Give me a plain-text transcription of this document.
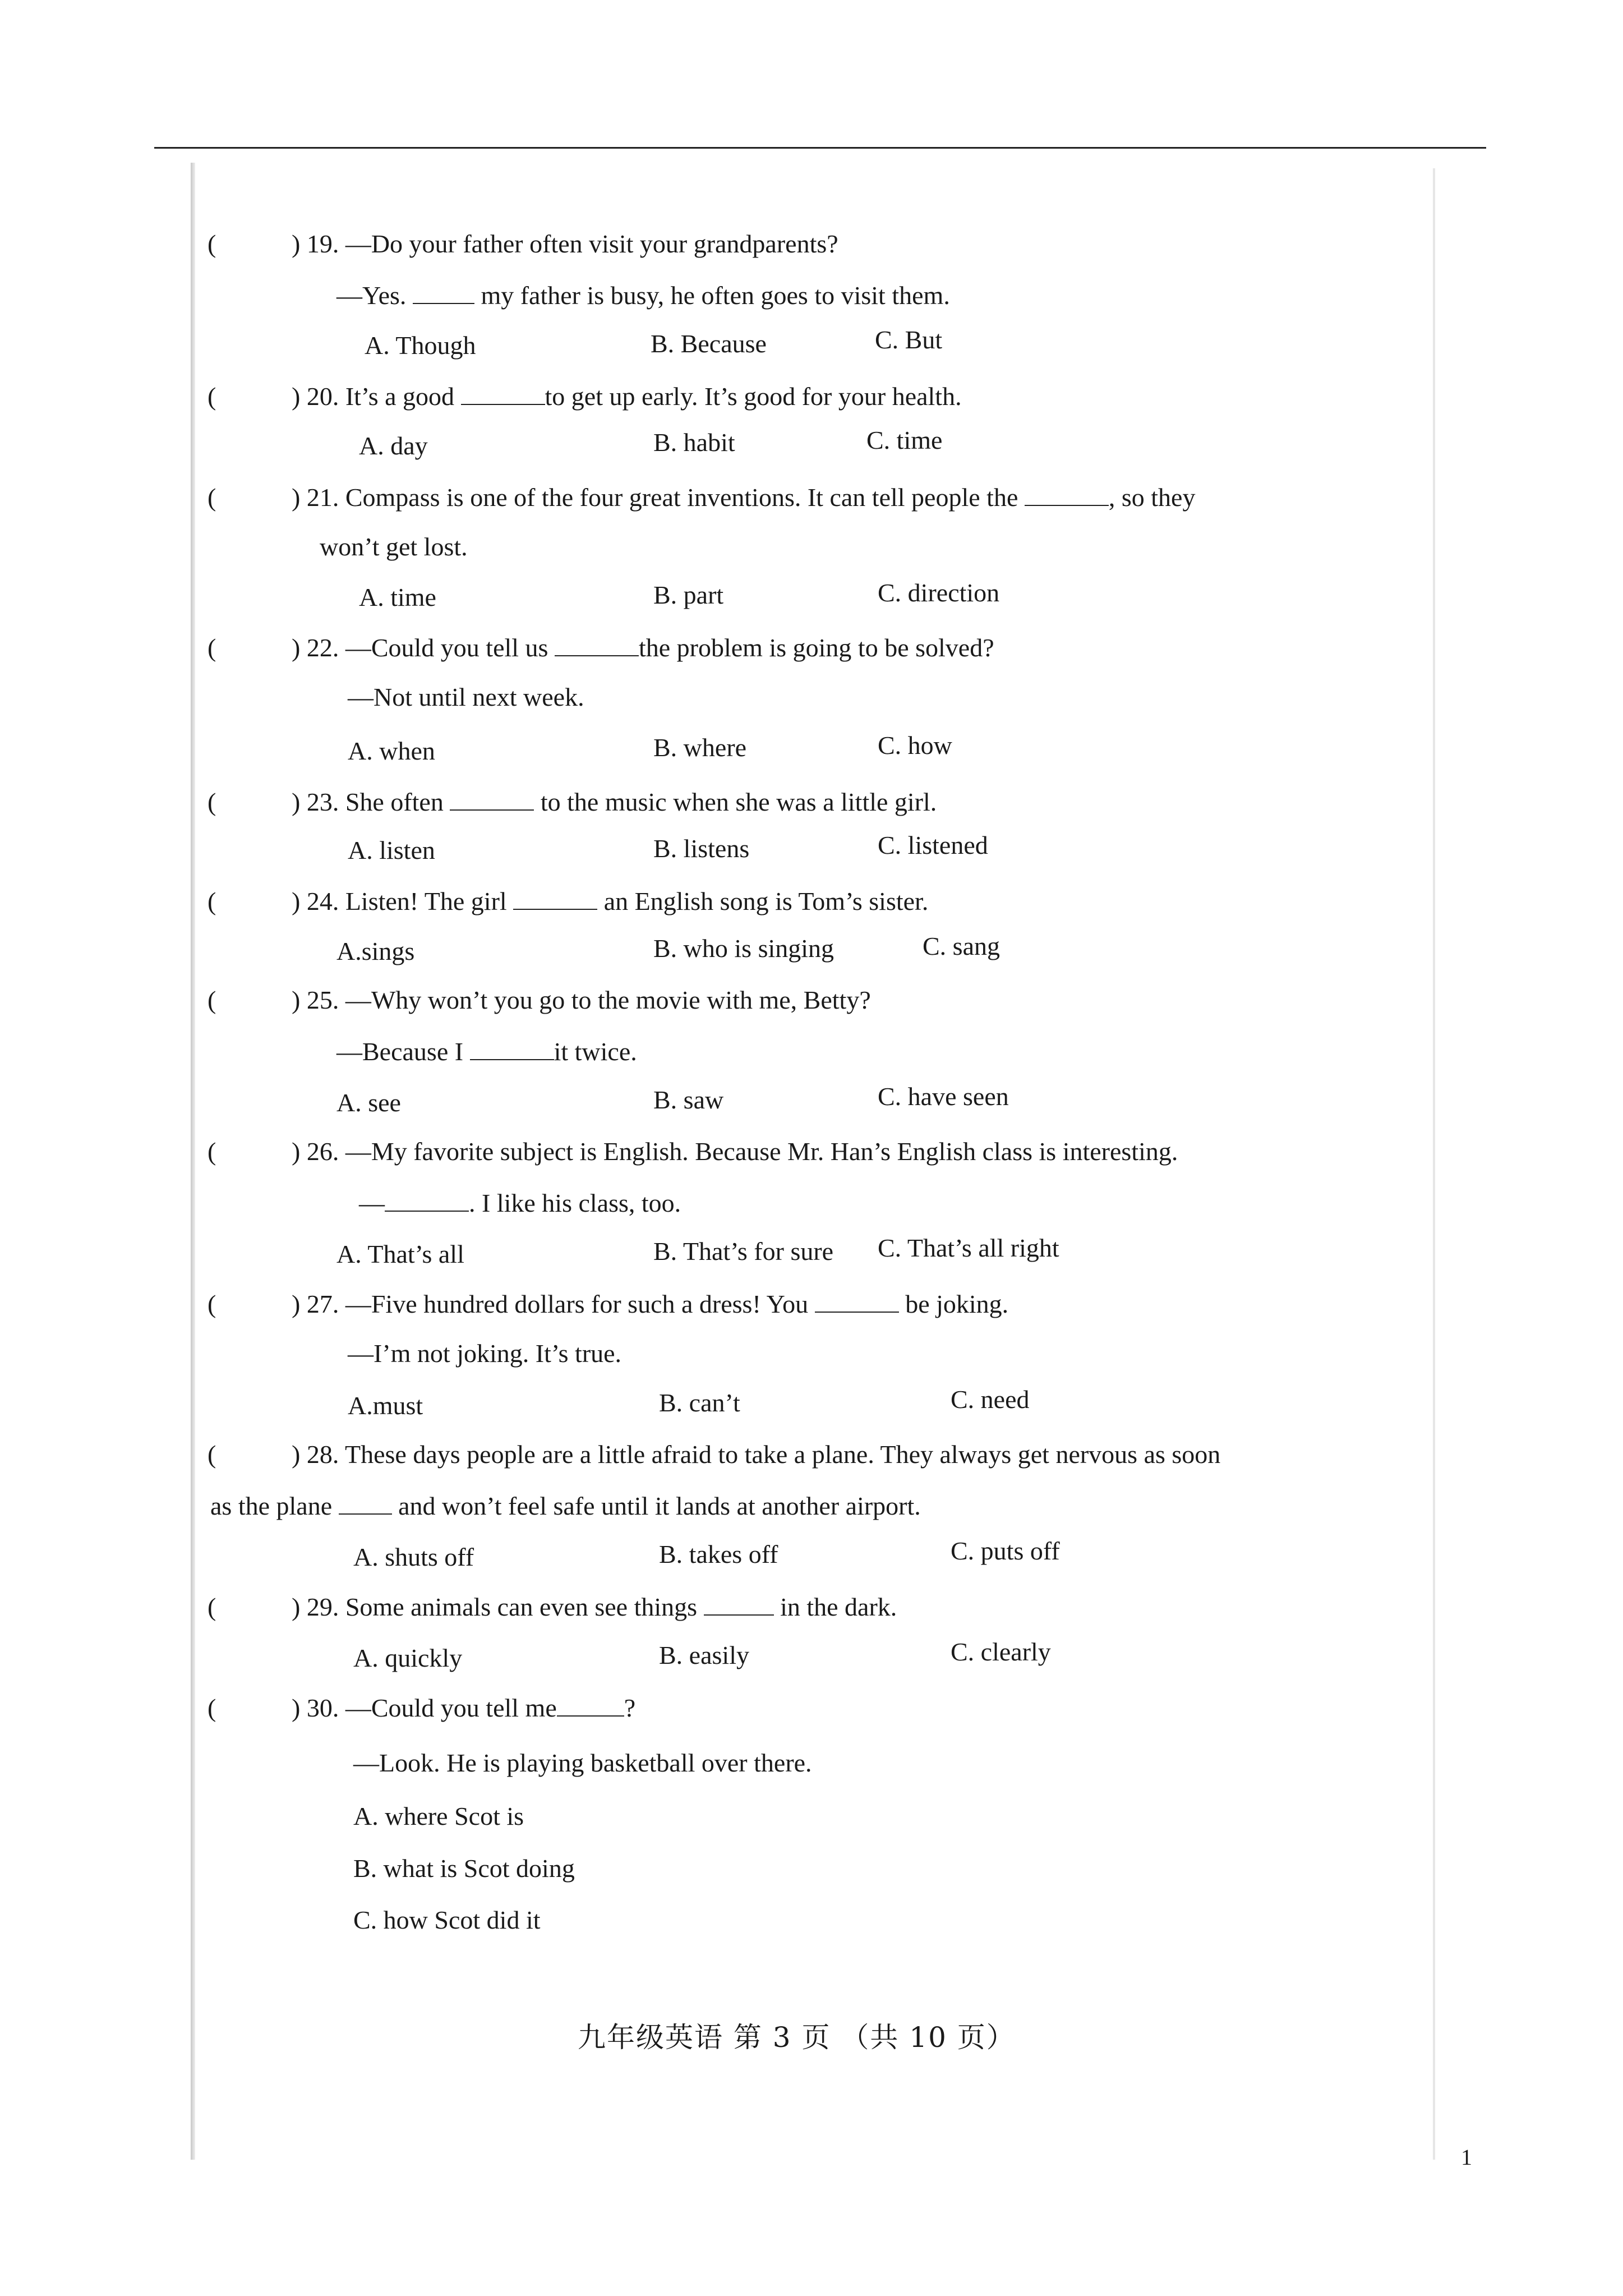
(	) 19. —Do your father often visit your grandparents?
—Yes.	my father is busy, he often goes to visit them.
A. Though	B. Because	C. But
(	) 20. It’s a good	to get up early. It’s good for your health.
A. day	B. habit	C. time
(	) 21. Compass is one of the four great inventions. It can tell people the	, so they
won’t get lost.
A. time	B. part	C. direction
(	) 22. —Could you tell us	the problem is going to be solved?
—Not until next week.
A. when	B. where	C. how
(	) 23. She often	to the music when she was a little girl.
A. listen	B. listens	C. listened
(	) 24. Listen! The girl	an English song is Tom’s sister.
A.sings	B. who is singing	C. sang
(	) 25. —Why won’t you go to the movie with me, Betty?
—Because I	it twice.
A. see	B. saw	C. have seen
(	) 26. —My favorite subject is English. Because Mr. Han’s English class is interesting.
—	. I like his class, too.
A. That’s all	B. That’s for sure C. That’s all right
(	) 27. —Five hundred dollars for such a dress! You	be joking.
—I’m not joking. It’s true.
A.must	B. can’t	C. need
(	) 28. These days people are a little afraid to take a plane. They always get nervous as soon
as the plane  and won’t feel safe until it lands at another airport.
A. shuts off	B. takes off	C. puts off
(	) 29. Some animals can even see things	in the dark.
A. quickly	B. easily	C. clearly
(	) 30. —Could you tell me	?
—Look. He is playing basketball over there.
A. where Scot is
B. what is Scot doing
C. how Scot did it
九年级英语 第 3 页 （共 10 页）
1
